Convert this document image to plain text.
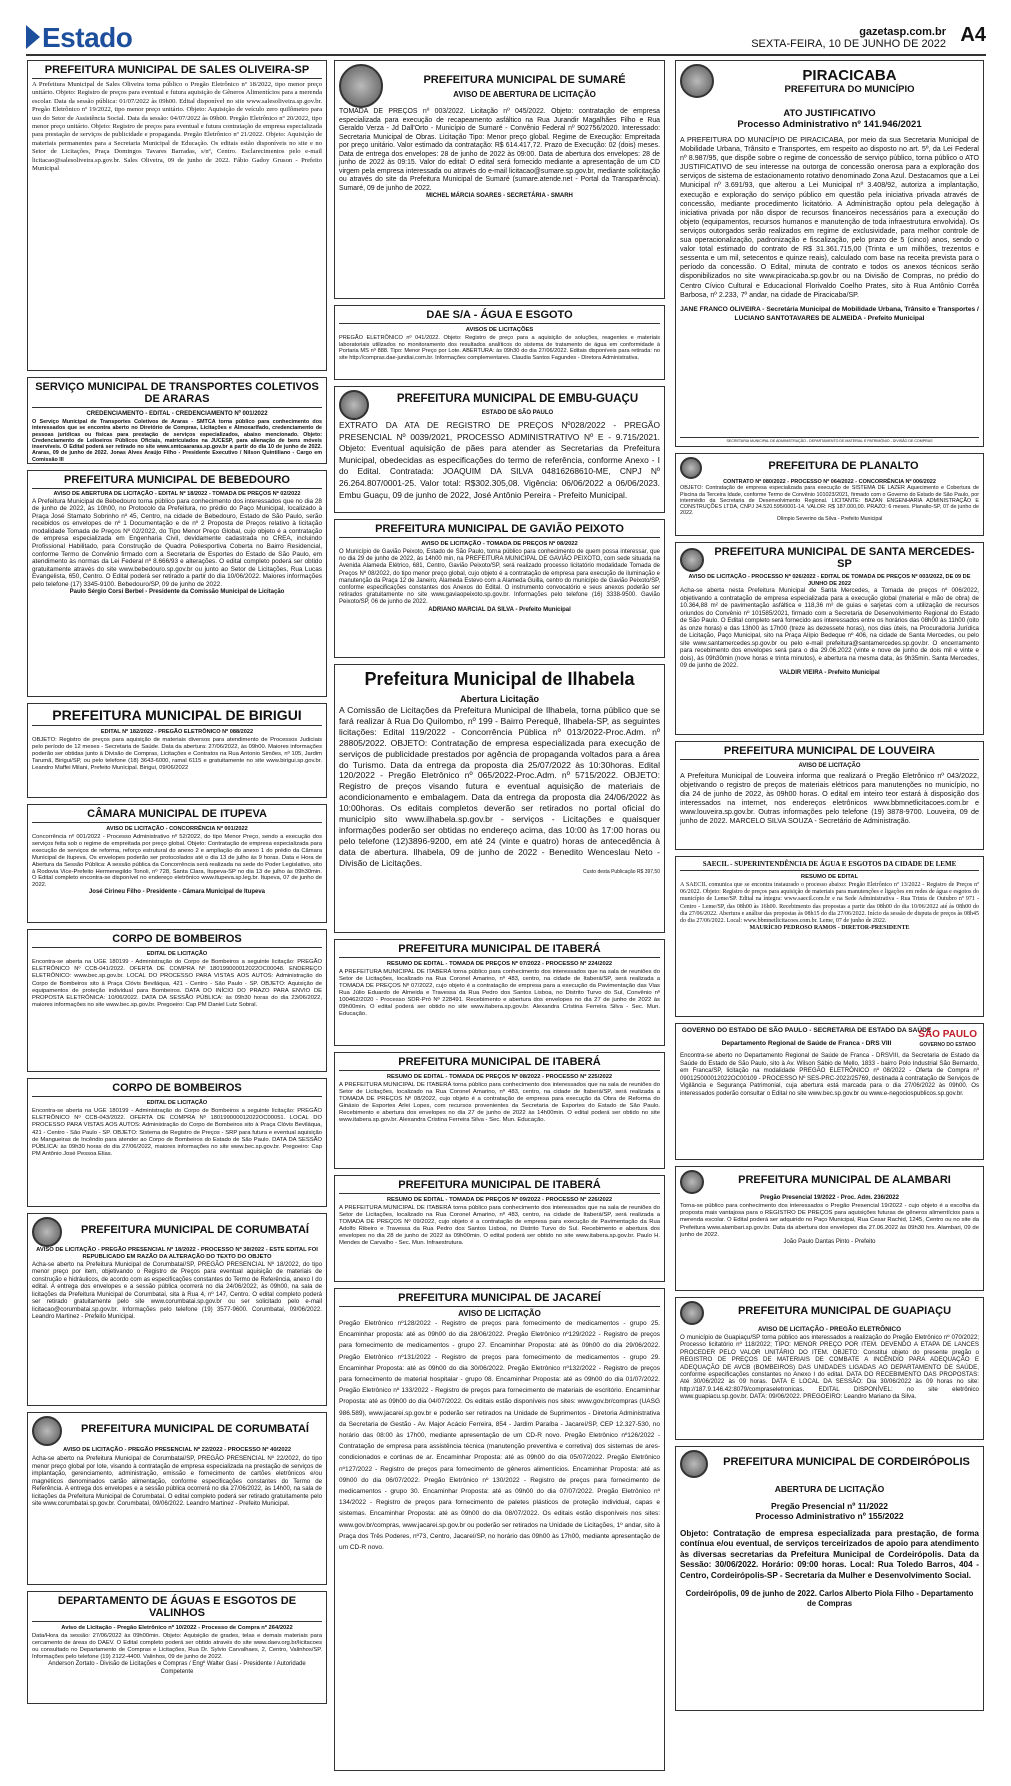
Estado	gazetasp.com.br
SEXTA-FEIRA, 10 DE JUNHO DE 2022 A4
PREFEITURA MUNICIPAL DE SALES OLIVEIRA-SP
A Prefeitura Municipal de Sales Oliveira torna público o Pregão Eletrônico nº 18/2022, tipo menor preço unitário. Objeto: Registro de preços para eventual e futura aquisição de Gêneros Alimentícios para a merenda escolar. Data da sessão pública: 01/07/2022 às 09h00. Edital disponível no site www.salesoliveira.sp.gov.br. Pregão Eletrônico nº 19/2022, tipo menor preço unitário. Objeto: Aquisição de veículo zero quilômetro para uso do Setor de Assistência Social. Data da sessão: 04/07/2022 às 09h00. Pregão Eletrônico nº 20/2022, tipo menor preço unitário. Objeto: Registro de preços para eventual e futura contratação de empresa especializada para prestação de serviços de publicidade e propaganda. Pregão Eletrônico nº 21/2022. Objeto: Aquisição de materiais permanentes para a Secretaria Municipal de Educação. Os editais estão disponíveis no site e no Setor de Licitações, Praça Domingos Tavares Barradas, s/nº, Centro. Esclarecimentos pelo e-mail licitacao@salesoliveira.sp.gov.br. Sales Oliveira, 09 de junho de 2022. Fábio Gadoy Gruson - Prefeito Municipal
SERVIÇO MUNICIPAL DE TRANSPORTES COLETIVOS DE ARARAS
CREDENCIAMENTO - EDITAL - CREDENCIAMENTO Nº 001/2022
O Serviço Municipal de Transportes Coletivos de Araras - SMTCA torna público para conhecimento dos interessados que se encontra aberto no Diretório de Compras, Licitações e Almoxarifado, credenciamento de pessoas jurídicas ou físicas para prestação de serviços especializados, abaixo mencionado. Objeto: Credenciamento de Leiloeiros Públicos Oficiais, matriculados na JUCESP, para alienação de bens móveis inservíveis. O Edital poderá ser retirado no site www.smtcaararas.sp.gov.br a partir do dia 10 de junho de 2022. Araras, 09 de junho de 2022. Jonas Alves Araújo Filho - Presidente Executivo / Nilson Quintiliano - Cargo em Comissão III
PREFEITURA MUNICIPAL DE BEBEDOURO
AVISO DE ABERTURA DE LICITAÇÃO - EDITAL Nº 18/2022 - TOMADA DE PREÇOS Nº 02/2022
A Prefeitura Municipal de Bebedouro torna público para conhecimento dos interessados que no dia 28 de junho de 2022, às 10h00, no Protocolo da Prefeitura, no prédio do Paço Municipal, localizado à Praça José Stamato Sobrinho nº 45, Centro, na cidade de Bebedouro, Estado de São Paulo, serão recebidos os envelopes de nº 1 Documentação e de nº 2 Proposta de Preços relativo à licitação modalidade Tomada de Preços Nº 02/2022, do Tipo Menor Preço Global, cujo objeto é a contratação de empresa especializada em Engenharia Civil, devidamente cadastrada no CREA, incluindo Profissional Habilitado, para Construção de Quadra Poliesportiva Coberta no Bairro Residencial, conforme Termo de Convênio firmado com a Secretaria de Esportes do Estado de São Paulo, em atendimento às normas da Lei Federal nº 8.666/93 e alterações. O edital completo poderá ser obtido gratuitamente através do site www.bebedouro.sp.gov.br ou junto ao Setor de Licitações, Rua Lucas Evangelista, 650, Centro. O Edital poderá ser retirado a partir do dia 10/06/2022. Maiores informações pelo telefone (17) 3345-9100. Bebedouro/SP, 09 de junho de 2022.
Paulo Sérgio Corsi Berbel - Presidente da Comissão Municipal de Licitação
PREFEITURA MUNICIPAL DE BIRIGUI
EDITAL Nº 182/2022 - PREGÃO ELETRÔNICO Nº 088/2022
OBJETO: Registro de preços para aquisição de materiais diversos para atendimento de Processos Judiciais pelo período de 12 meses - Secretaria de Saúde. Data da abertura: 27/06/2022, às 09h00. Maiores informações poderão ser obtidas junto à Divisão de Compras, Licitações e Contratos na Rua Antonio Simões, nº 105, Jardim Tarumã, Birigui/SP, ou pelo telefone (18) 3643-6000, ramal 6115 e gratuitamente no site www.birigui.sp.gov.br. Leandro Maffei Milani, Prefeito Municipal. Birigui, 09/06/2022
CÂMARA MUNICIPAL DE ITUPEVA
AVISO DE LICITAÇÃO - CONCORRÊNCIA Nº 001/2022
Concorrência nº 001/2022 - Processo Administrativo nº 52/2022, do tipo Menor Preço, sendo a execução dos serviços feita sob o regime de empreitada por preço global. Objeto: Contratação de empresa especializada para execução de serviços de reforma, reforço estrutural do anexo 2 e ampliação do anexo 1 do prédio da Câmara Municipal de Itupeva. Os envelopes poderão ser protocolados até o dia 13 de julho às 9 horas. Data e Hora de Abertura da Sessão Pública: A sessão pública da Concorrência será realizada na sede do Poder Legislativo, sito à Rodovia Vice-Prefeito Hermenegildo Tonoli, nº 728, Santa Clara, Itupeva-SP no dia 13 de julho às 09h30min. O Edital completo encontra-se disponível no endereço eletrônico www.itupeva.sp.leg.br. Itupeva, 07 de junho de 2022.
José Cirineu Filho - Presidente - Câmara Municipal de Itupeva
CORPO DE BOMBEIROS
EDITAL DE LICITAÇÃO
Encontra-se aberta na UGE 180199 - Administração do Corpo de Bombeiros a seguinte licitação: PREGÃO ELETRÔNICO Nº CCB-041/2022. OFERTA DE COMPRA Nº 180199000012022OC00048. ENDEREÇO ELETRÔNICO: www.bec.sp.gov.br. LOCAL DO PROCESSO PARA VISTAS AOS AUTOS: Administração do Corpo de Bombeiros sito à Praça Clóvis Beviláqua, 421 - Centro - São Paulo - SP. OBJETO: Aquisição de equipamentos de proteção individual para Bombeiros. DATA DO INÍCIO DO PRAZO PARA ENVIO DE PROPOSTA ELETRÔNICA: 10/06/2022. DATA DA SESSÃO PÚBLICA: às 09h30 horas do dia 23/06/2022, maiores informações no site www.bec.sp.gov.br. Pregoeiro: Cap PM Daniel Lutz Sobral.
CORPO DE BOMBEIROS
EDITAL DE LICITAÇÃO
Encontra-se aberta na UGE 180199 - Administração do Corpo de Bombeiros a seguinte licitação: PREGÃO ELETRÔNICO Nº CCB-043/2022. OFERTA DE COMPRA Nº 180199000012022OC00051. LOCAL DO PROCESSO PARA VISTAS AOS AUTOS: Administração do Corpo de Bombeiros sito à Praça Clóvis Beviláqua, 421 - Centro - São Paulo - SP. OBJETO: Sistema de Registro de Preços - SRP para futura e eventual aquisição de Mangueiras de Incêndio para atender ao Corpo de Bombeiros do Estado de São Paulo. DATA DA SESSÃO PÚBLICA: às 09h30 horas do dia 27/06/2022, maiores informações no site www.bec.sp.gov.br. Pregoeiro: Cap PM Antônio José Pessoa Elias.
PREFEITURA MUNICIPAL DE CORUMBATAÍ
AVISO DE LICITAÇÃO - PREGÃO PRESENCIAL Nº 18/2022 - PROCESSO Nº 38/2022 - ESTE EDITAL FOI REPUBLICADO EM RAZÃO DA ALTERAÇÃO DO TEXTO DO OBJETO
Acha-se aberto na Prefeitura Municipal de Corumbataí/SP, PREGÃO PRESENCIAL Nº 18/2022, do tipo menor preço por item, objetivando o Registro de Preços para eventual aquisição de materiais de construção e hidráulicos, de acordo com as especificações constantes do Termo de Referência, anexo I do edital. A entrega dos envelopes e a sessão pública ocorrerá no dia 24/06/2022, às 09h00, na sala de licitações da Prefeitura Municipal de Corumbataí, sita à Rua 4, nº 147, Centro. O edital completo poderá ser retirado gratuitamente pelo site www.corumbatai.sp.gov.br ou ser solicitado pelo e-mail licitacao@corumbatai.sp.gov.br. Informações pelo telefone (19) 3577-9600. Corumbataí, 09/06/2022. Leandro Martinez - Prefeito Municipal.
PREFEITURA MUNICIPAL DE CORUMBATAÍ
AVISO DE LICITAÇÃO - PREGÃO PRESENCIAL Nº 22/2022 - PROCESSO Nº 40/2022
Acha-se aberto na Prefeitura Municipal de Corumbataí/SP, PREGÃO PRESENCIAL Nº 22/2022, do tipo menor preço global por lote, visando à contratação de empresa especializada na prestação de serviços de implantação, gerenciamento, administração, emissão e fornecimento de cartões eletrônicos e/ou magnéticos denominados cartão alimentação, conforme especificações constantes do Termo de Referência. A entrega dos envelopes e a sessão pública ocorrerá no dia 27/06/2022, às 14h00, na sala de licitações da Prefeitura Municipal de Corumbataí. O edital completo poderá ser retirado gratuitamente pelo site www.corumbatai.sp.gov.br. Corumbataí, 09/06/2022. Leandro Martinez - Prefeito Municipal.
DEPARTAMENTO DE ÁGUAS E ESGOTOS DE VALINHOS
Aviso de Licitação - Pregão Eletrônico nº 10/2022 - Processo de Compra nº 264/2022
Data/Hora da sessão: 27/06/2022 às 09h00min. Objeto: Aquisição de grades, telas e demais materiais para cercamento de áreas do DAEV. O Edital completo poderá ser obtido através do site www.daev.org.br/licitacoes ou consultado no Departamento de Compras e Licitações, Rua Dr. Sylvio Carvalhaes, 2, Centro, Valinhos/SP. Informações pelo telefone (19) 2122-4400. Valinhos, 09 de junho de 2022.
Anderson Zortato - Divisão de Licitações e Compras / Engº Walter Gasi - Presidente / Autoridade Competente
PREFEITURA MUNICIPAL DE SUMARÉ
AVISO DE ABERTURA DE LICITAÇÃO
TOMADA DE PREÇOS nº 003/2022. Licitação nº 045/2022. Objeto: contratação de empresa especializada para execução de recapeamento asfáltico na Rua Jurandir Magalhães Filho e Rua Geraldo Verza - Jd Dall'Orto - Município de Sumaré - Convênio Federal nº 902756/2020. Interessado: Secretaria Municipal de Obras. Licitação Tipo: Menor preço global. Regime de Execução: Empreitada por preço unitário. Valor estimado da contratação: R$ 614.417,72. Prazo de Execução: 02 (dois) meses. Data de entrega dos envelopes: 28 de junho de 2022 às 09:00. Data de abertura dos envelopes: 28 de junho de 2022 às 09:15. Valor do edital: O edital será fornecido mediante a apresentação de um CD virgem pela empresa interessada ou através do e-mail licitacao@sumare.sp.gov.br, mediante solicitação ou através do site da Prefeitura Municipal de Sumaré (sumare.atende.net - Portal da Transparência). Sumaré, 09 de junho de 2022.
MICHEL MÁRCIA SOARES - SECRETÁRIA - SMARH
DAE S/A - ÁGUA E ESGOTO
AVISOS DE LICITAÇÕES
PREGÃO ELETRÔNICO nº 041/2022. Objeto: Registro de preço para a aquisição de soluções, reagentes e materiais laboratoriais utilizados no monitoramento dos resultados analíticos do sistema de tratamento de água em conformidade à Portaria MS nº 888. Tipo: Menor Preço por Lote. ABERTURA: às 09h30 do dia 27/06/2022. Editais disponíveis para retirada: no site http://compras.dae-jundiai.com.br. Informações complementares. Claudia Santos Fagundes - Diretora Administrativa.
PREFEITURA MUNICIPAL DE EMBU-GUAÇU
ESTADO DE SÃO PAULO
EXTRATO DA ATA DE REGISTRO DE PREÇOS Nº028/2022 - PREGÃO PRESENCIAL Nº 0039/2021, PROCESSO ADMINISTRATIVO Nº E - 9.715/2021. Objeto: Eventual aquisição de pães para atender as Secretarias da Prefeitura Municipal, obedecidas as especificações do termo de referência, conforme Anexo - I do Edital. Contratada: JOAQUIM DA SILVA 04816268610-ME, CNPJ Nº 26.264.807/0001-25. Valor total: R$302.305,08. Vigência: 06/06/2022 a 06/06/2023. Embu Guaçu, 09 de junho de 2022, José Antônio Pereira - Prefeito Municipal.
PREFEITURA MUNICIPAL DE GAVIÃO PEIXOTO
AVISO DE LICITAÇÃO - TOMADA DE PREÇOS Nº 08/2022
O Município de Gavião Peixoto, Estado de São Paulo, torna público para conhecimento de quem possa interessar, que no dia 29 de junho de 2022, às 14h00 min, na PREFEITURA MUNICIPAL DE GAVIÃO PEIXOTO, com sede situada na Avenida Alameda Elétrico, 681, Centro, Gavião Peixoto/SP, será realizado processo licitatório modalidade Tomada de Preços Nº 08/2022, do tipo menor preço global, cujo objeto é a contratação de empresa para execução de iluminação e manutenção da Praça 12 de Janeiro, Alameda Estevo com a Alameda Guilla, centro do município de Gavião Peixoto/SP, conforme especificações constantes dos Anexos do Edital. O instrumento convocatório e seus anexos poderão ser retirados gratuitamente no site www.gaviaopeixoto.sp.gov.br. Informações pelo telefone (16) 3338-9500. Gavião Peixoto/SP, 06 de junho de 2022.
ADRIANO MARCIAL DA SILVA - Prefeito Municipal
Prefeitura Municipal de Ilhabela
Abertura Licitação
A Comissão de Licitações da Prefeitura Municipal de Ilhabela, torna público que se fará realizar à Rua Do Quilombo, nº 199 - Bairro Perequê, Ilhabela-SP, as seguintes licitações: Edital 119/2022 - Concorrência Pública nº 013/2022-Proc.Adm. nº 28805/2022. OBJETO: Contratação de empresa especializada para execução de serviços de publicidade prestados por agência de propaganda voltados para a área do Turismo. Data da entrega da proposta dia 25/07/2022 às 10:30horas. Edital 120/2022 - Pregão Eletrônico nº 065/2022-Proc.Adm. nº 5715/2022. OBJETO: Registro de preços visando futura e eventual aquisição de materiais de acondicionamento e embalagem. Data da entrega da proposta dia 24/06/2022 às 10:00horas. Os editais completos deverão ser retirados no portal oficial do município sito www.ilhabela.sp.gov.br - serviços - Licitações e quaisquer informações poderão ser obtidas no endereço acima, das 10:00 às 17:00 horas ou pelo telefone (12)3896-9200, em até 24 (vinte e quatro) horas de antecedência à data de abertura. Ilhabela, 09 de junho de 2022 - Benedito Wenceslau Neto - Divisão de Licitações.
Custo desta Publicação R$ 397,50
PREFEITURA MUNICIPAL DE ITABERÁ
RESUMO DE EDITAL - TOMADA DE PREÇOS Nº 07/2022 - PROCESSO Nº 224/2022
A PREFEITURA MUNICIPAL DE ITABERÁ torna público para conhecimento dos interessados que na sala de reuniões do Setor de Licitações, localizado na Rua Coronel Amarino, nº 483, centro, na cidade de Itaberá/SP, será realizada a TOMADA DE PREÇOS Nº 07/2022, cujo objeto é a contratação de empresa para a execução da Pavimentação das Vias Rua Júlio Eduardo de Almeida e Travessa da Rua Pedro dos Santos Lisboa, no Distrito Turvo do Sul, Convênio nº 100462/2020 - Processo SDR-Pró Nº 228491. Recebimento e abertura dos envelopes no dia 27 de junho de 2022 às 09h00min. O edital poderá ser obtido no site www.itabera.sp.gov.br. Alexandra Cristina Ferreira Silva - Sec. Mun. Educação.
PREFEITURA MUNICIPAL DE ITABERÁ
RESUMO DE EDITAL - TOMADA DE PREÇOS Nº 08/2022 - PROCESSO Nº 225/2022
A PREFEITURA MUNICIPAL DE ITABERÁ torna público para conhecimento dos interessados que na sala de reuniões do Setor de Licitações, localizado na Rua Coronel Amarino, nº 483, centro, na cidade de Itaberá/SP, será realizada a TOMADA DE PREÇOS Nº 08/2022, cujo objeto é a contratação de empresa para execução da Obra de Reforma do Ginásio de Esportes Arlei Lopes, com recursos provenientes da Secretaria de Esportes do Estado de São Paulo. Recebimento e abertura dos envelopes no dia 27 de junho de 2022 às 14h00min. O edital poderá ser obtido no site www.itabera.sp.gov.br. Alexandra Cristina Ferreira Silva - Sec. Mun. Educação.
PREFEITURA MUNICIPAL DE ITABERÁ
RESUMO DE EDITAL - TOMADA DE PREÇOS Nº 09/2022 - PROCESSO Nº 226/2022
A PREFEITURA MUNICIPAL DE ITABERÁ torna público para conhecimento dos interessados que na sala de reuniões do Setor de Licitações, localizado na Rua Coronel Amarino, nº 483, centro, na cidade de Itaberá/SP, será realizada a TOMADA DE PREÇOS Nº 09/2022, cujo objeto é a contratação de empresa para execução de Pavimentação da Rua Adolfo Ribeiro e Travessa da Rua Pedro dos Santos Lisboa, no Distrito Turvo do Sul. Recebimento e abertura dos envelopes no dia 28 de junho de 2022 às 09h00min. O edital poderá ser obtido no site www.itabera.sp.gov.br. Paulo H. Mendes de Carvalho - Sec. Mun. Infraestrutura.
PREFEITURA MUNICIPAL DE JACAREÍ
AVISO DE LICITAÇÃO
Pregão Eletrônico nº128/2022 - Registro de preços para fornecimento de medicamentos - grupo 25. Encaminhar proposta: até as 09h00 do dia 28/06/2022. Pregão Eletrônico nº129/2022 - Registro de preços para fornecimento de medicamentos - grupo 27. Encaminhar Proposta: até às 09h00 do dia 29/06/2022. Pregão Eletrônico nº131/2022 - Registro de preços para fornecimento de medicamentos - grupo 29. Encaminhar Proposta: até as 09h00 do dia 30/06/2022. Pregão Eletrônico nº132/2022 - Registro de preços para fornecimento de material hospitalar - grupo 08. Encaminhar Proposta: até as 09h00 do dia 01/07/2022. Pregão Eletrônico nº 133/2022 - Registro de preços para fornecimento de materiais de escritório. Encaminhar Proposta: até as 09h00 do dia 04/07/2022. Os editais estão disponíveis nos sites: www.gov.br/compras (UASG 986.589), www.jacarei.sp.gov.br e poderão ser retirados na Unidade de Suprimentos - Diretoria Administrativa da Secretaria de Gestão - Av. Major Acácio Ferreira, 854 - Jardim Paraíba - Jacareí/SP, CEP 12.327-530, no horário das 08:00 às 17h00, mediante apresentação de um CD-R novo. Pregão Eletrônico nº126/2022 - Contratação de empresa para assistência técnica (manutenção preventiva e corretiva) dos sistemas de ares-condicionados e cortinas de ar. Encaminhar Proposta: até as 09h00 do dia 05/07/2022. Pregão Eletrônico nº127/2022 - Registro de preços para fornecimento de gêneros alimentícios. Encaminhar Proposta: até as 09h00 do dia 06/07/2022. Pregão Eletrônico nº 130/2022 - Registro de preços para fornecimento de medicamentos - grupo 30. Encaminhar Proposta: até as 09h00 do dia 07/07/2022. Pregão Eletrônico nº 134/2022 - Registro de preços para fornecimento de paletes plásticos de proteção individual, capas e sistemas. Encaminhar Proposta: até as 09h00 do dia 08/07/2022. Os editais estão disponíveis nos sites: www.gov.br/compras, www.jacarei.sp.gov.br ou poderão ser retirados na Unidade de Licitações, 1º andar, sito à Praça dos Três Poderes, nº73, Centro, Jacareí/SP, no horário das 09h00 às 17h00, mediante apresentação de um CD-R novo.
PIRACICABA
PREFEITURA DO MUNICÍPIO
ATO JUSTIFICATIVO
Processo Administrativo nº 141.946/2021
A PREFEITURA DO MUNICÍPIO DE PIRACICABA, por meio da sua Secretaria Municipal de Mobilidade Urbana, Trânsito e Transportes, em respeito ao disposto no art. 5º, da Lei Federal nº 8.987/95, que dispõe sobre o regime de concessão de serviço público, torna público o ATO JUSTIFICATIVO de seu interesse na outorga de concessão onerosa para a exploração dos serviços de sistema de estacionamento rotativo denominado Zona Azul. Destacamos que a Lei Municipal nº 3.691/93, que alterou a Lei Municipal nº 3.408/92, autoriza a implantação, execução e exploração do serviço público em questão pela iniciativa privada através de concessão, mediante procedimento licitatório. A Administração optou pela delegação à iniciativa privada por não dispor de recursos financeiros necessários para a execução do objeto (equipamentos, recursos humanos e manutenção de toda infraestrutura envolvida). Os serviços outorgados serão realizados em regime de exclusividade, para melhor controle de sua operacionalização, padronização e fiscalização, pelo prazo de 5 (cinco) anos, sendo o valor total estimado do contrato de R$ 31.361.715,00 (Trinta e um milhões, trezentos e sessenta e um mil, setecentos e quinze reais), calculado com base na receita prevista para o período da concessão. O Edital, minuta de contrato e todos os anexos técnicos serão disponibilizados no site www.piracicaba.sp.gov.br ou na Divisão de Compras, no prédio do Centro Cívico Cultural e Educacional Florivaldo Coelho Prates, sito à Rua Antônio Corrêa Barbosa, nº 2.233, 7º andar, na cidade de Piracicaba/SP.
JANE FRANCO OLIVEIRA - Secretária Municipal de Mobilidade Urbana, Trânsito e Transportes / LUCIANO SANTOTAVARES DE ALMEIDA - Prefeito Municipal
SECRETARIA MUNICIPAL DE ADMINISTRAÇÃO - DEPARTAMENTO DE MATERIAL E PATRIMÔNIO - DIVISÃO DE COMPRAS
PREFEITURA DE PLANALTO
CONTRATO Nº 080/2022 - PROCESSO Nº 064/2022 - CONCORRÊNCIA Nº 006/2022
OBJETO: Contratação de empresa especializada para execução de SISTEMA DE LAZER Aquecimento e Cobertura de Piscina da Terceira Idade, conforme Termo de Convênio 101023/2021, firmado com o Governo do Estado de São Paulo, por intermédio da Secretaria de Desenvolvimento Regional. LICITANTE: BAZAN ENGENHARIA ADMINISTRAÇÃO E CONSTRUÇÕES LTDA, CNPJ 34.520.595/0001-14. VALOR: R$ 187.000,00. PRAZO: 6 meses. Planalto-SP, 07 de junho de 2022.
Olímpio Severino da Silva - Prefeito Municipal
PREFEITURA MUNICIPAL DE SANTA MERCEDES-SP
AVISO DE LICITAÇÃO - PROCESSO Nº 026/2022 - EDITAL DE TOMADA DE PREÇOS Nº 003/2022, DE 09 DE JUNHO DE 2022
Acha-se aberta nesta Prefeitura Municipal de Santa Mercedes, a Tomada de preços nº 006/2022, objetivando a contratação de empresa especializada para a execução global (material e mão de obra) de 10.364,88 m² de pavimentação asfáltica e 118,36 m² de guias e sarjetas com a utilização de recursos oriundos do Convênio nº 101585/2021, firmado com a Secretaria de Desenvolvimento Regional do Estado de São Paulo. O Edital completo será fornecido aos interessados entre os horários das 08h00 às 11h00 (oito às onze horas) e das 13h00 às 17h00 (treze às dezessete horas), nos dias úteis, na Procuradoria Jurídica de Licitação, Paço Municipal, sito na Praça Alípio Bedeque nº 406, na cidade de Santa Mercedes, ou pelo site www.santamercedes.sp.gov.br ou pelo e-mail prefeitura@santamercedes.sp.gov.br. O encerramento para recebimento dos envelopes será para o dia 29.06.2022 (vinte e nove de junho de dois mil e vinte e dois), às 09h30min (nove horas e trinta minutos), e abertura na mesma data, às 9h35min. Santa Mercedes, 09 de junho de 2022.
VALDIR VIEIRA - Prefeito Municipal
PREFEITURA MUNICIPAL DE LOUVEIRA
AVISO DE LICITAÇÃO
A Prefeitura Municipal de Louveira informa que realizará o Pregão Eletrônico nº 043/2022, objetivando o registro de preços de materiais elétricos para manutenções no município, no dia 24 de junho de 2022, às 09h00 horas. O edital em inteiro teor estará à disposição dos interessados na internet, nos endereços eletrônicos www.bbmnetlicitacoes.com.br e www.louveira.sp.gov.br. Outras informações pelo telefone (19) 3878-9700. Louveira, 09 de junho de 2022. MARCELO SILVA SOUZA - Secretário de Administração.
SAECIL - SUPERINTENDÊNCIA DE ÁGUA E ESGOTOS DA CIDADE DE LEME
RESUMO DE EDITAL
A SAECIL comunica que se encontra instaurado o processo abaixo: Pregão Eletrônico nº 13/2022 - Registro de Preços nº 06/2022. Objeto: Registro de preços para aquisição de materiais para manutenções e ligações em redes de água e esgotos do município de Leme/SP. Edital na íntegra: www.saecil.com.br e na Sede Administrativa - Rua Trinta de Outubro nº 971 - Centro - Leme/SP, das 08h00 às 16h00. Recebimento das propostas a partir das 08h00 do dia 10/06/2022 até às 08h00 do dia 27/06/2022. Abertura e análise das propostas às 08h15 do dia 27/06/2022. Início da sessão de disputa de preços às 08h45 do dia 27/06/2022. Local: www.bbmnetlicitacoes.com.br. Leme, 07 de junho de 2022.
MAURÍCIO PEDROSO RAMOS - DIRETOR-PRESIDENTE
SÃO PAULO
GOVERNO DO ESTADO
GOVERNO DO ESTADO DE SÃO PAULO - SECRETARIA DE ESTADO DA SAÚDE
Departamento Regional de Saúde de Franca - DRS VIII
Encontra-se aberto no Departamento Regional de Saúde de Franca - DRSVIII, da Secretaria de Estado da Saúde do Estado de São Paulo, sito à Av. Wilson Sábio de Mello, 1833 - bairro Polo Industrial São Bernardo, em Franca/SP, licitação na modalidade PREGÃO ELETRÔNICO nº 08/2022 - Oferta de Compra nº 090125000012022OC00109 - PROCESSO Nº SES-PRC-2022/25769, destinada à contratação de Serviços de Vigilância e Segurança Patrimonial, cuja abertura está marcada para o dia 27/06/2022 às 09h00. Os interessados poderão consultar o Edital no site www.bec.sp.gov.br ou www.e-negociospublicos.sp.gov.br.
PREFEITURA MUNICIPAL DE ALAMBARI
Pregão Presencial 19/2022 - Proc. Adm. 236/2022
Torna-se público para conhecimento dos interessados o Pregão Presencial 19/2022 - cujo objeto é a escolha da proposta mais vantajosa para o REGISTRO DE PREÇOS para aquisições futuras de gêneros alimentícios para a merenda escolar. O Edital poderá ser adquirido no Paço Municipal, Rua Cesar Rachid, 1245, Centro ou no site da Prefeitura www.alambari.sp.gov.br. Data da abertura dos envelopes dia 27.06.2022 às 09h30 hrs. Alambari, 09 de junho de 2022.
João Paulo Dantas Pinto - Prefeito
PREFEITURA MUNICIPAL DE GUAPIAÇU
AVISO DE LICITAÇÃO - PREGÃO ELETRÔNICO
O município de Guapiaçu/SP torna público aos interessados a realização do Pregão Eletrônico nº 070/2022; Processo licitatório nº 118/2022; TIPO: MENOR PREÇO POR ITEM. DEVENDO A ETAPA DE LANCES PROCEDER PELO VALOR UNITÁRIO DO ITEM. OBJETO: Constitui objeto do presente pregão o REGISTRO DE PREÇOS DE MATERIAIS DE COMBATE A INCÊNDIO PARA ADEQUAÇÃO E ADEQUAÇÃO DE AVCB (BOMBEIROS) DAS UNIDADES LIGADAS AO DEPARTAMENTO DE SAÚDE, conforme especificações constantes no Anexo I do edital. DATA DO RECEBIMENTO DAS PROPOSTAS: Até 30/06/2022 às 09 horas. DATA E LOCAL DA SESSÃO: Dia 30/06/2022 às 09 horas no site: http://187.9.146.42:8079/compraseletronicas. EDITAL DISPONÍVEL: no site eletrônico www.guapiacu.sp.gov.br. DATA: 09/06/2022. PREGOEIRO: Leandro Mariano da Silva.
PREFEITURA MUNICIPAL DE CORDEIRÓPOLIS
ABERTURA DE LICITAÇÃO
Pregão Presencial nº 11/2022
Processo Administrativo nº 155/2022
Objeto: Contratação de empresa especializada para prestação, de forma contínua e/ou eventual, de serviços terceirizados de apoio para atendimento às diversas secretarias da Prefeitura Municipal de Cordeirópolis. Data da Sessão: 30/06/2022. Horário: 09:00 horas. Local: Rua Toledo Barros, 404 - Centro, Cordeirópolis-SP - Secretaria da Mulher e Desenvolvimento Social.
Cordeirópolis, 09 de junho de 2022. Carlos Alberto Piola Filho - Departamento de Compras
